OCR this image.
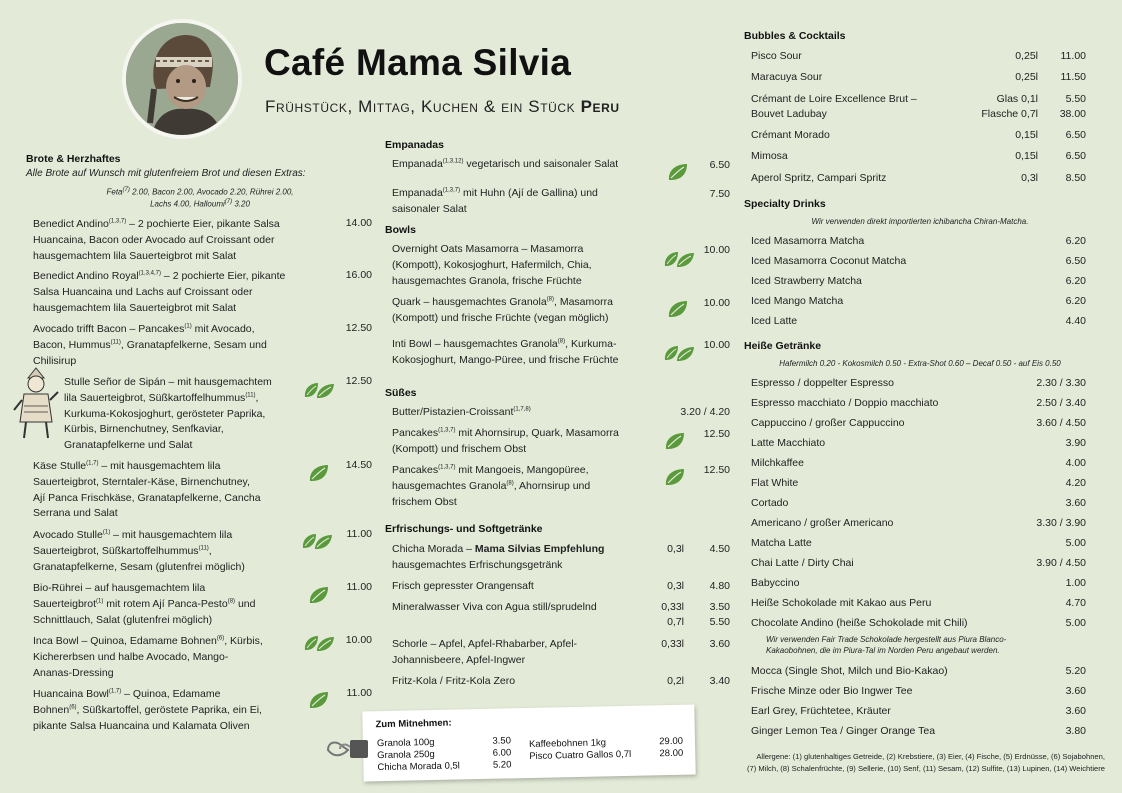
Café Mama Silvia
Frühstück, Mittag, Kuchen & ein Stück Peru
Brote & Herzhaftes
Alle Brote auf Wunsch mit glutenfreiem Brot und diesen Extras:
Feta$^{(7)}$ 2.00, Bacon 2.00, Avocado 2.20, Rührei 2.00,
Lachs 4.00, Halloumi$^{(7)}$ 3.20
Benedict Andino$^{(1,3,7)}$ – 2 pochierte Eier, pikante Salsa
Huancaina, Bacon oder Avocado auf Croissant oder
hausgemachtem lila Sauerteigbrot mit Salat
14.00
Benedict Andino Royal$^{(1,3,4,7)}$ – 2 pochierte Eier, pikante
Salsa Huancaina und Lachs auf Croissant oder
hausgemachtem lila Sauerteigbrot mit Salat
16.00
Avocado trifft Bacon – Pancakes$^{(1)}$ mit Avocado,
Bacon, Hummus$^{(11)}$, Granatapfelkerne, Sesam und
Chilisirup
12.50
Stulle Señor de Sipán – mit hausgemachtem
lila Sauerteigbrot, Süßkartoffelhummus$^{(11)}$,
Kurkuma-Kokosjoghurt, gerösteter Paprika,
Kürbis, Birnenchutney, Senfkaviar,
Granatapfelkerne und Salat
12.50
Käse Stulle$^{(1,7)}$ – mit hausgemachtem lila
Sauerteigbrot, Sterntaler-Käse, Birnenchutney,
Ají Panca Frischkäse, Granatapfelkerne, Cancha
Serrana und Salat
14.50
Avocado Stulle$^{(1)}$ – mit hausgemachtem lila
Sauerteigbrot, Süßkartoffelhummus$^{(11)}$,
Granatapfelkerne, Sesam (glutenfrei möglich)
11.00
Bio-Rührei – auf hausgemachtem lila
Sauerteigbrot$^{(1)}$ mit rotem Ají Panca-Pesto$^{(8)}$ und
Schnittlauch, Salat (glutenfrei möglich)
11.00
Inca Bowl – Quinoa, Edamame Bohnen$^{(6)}$, Kürbis,
Kichererbsen und halbe Avocado, Mango-
Ananas-Dressing
10.00
Huancaina Bowl$^{(1,7)}$ – Quinoa, Edamame
Bohnen$^{(6)}$, Süßkartoffel, geröstete Paprika, ein Ei,
pikante Salsa Huancaina und Kalamata Oliven
11.00
Empanadas
Empanada$^{(1,3,12)}$ vegetarisch und saisonaler Salat	6.50
Empanada$^{(1,3,7)}$ mit Huhn (Ají de Gallina) und
saisonaler Salat
7.50
Bowls
Overnight Oats Masamorra – Masamorra
(Kompott), Kokosjoghurt, Hafermilch, Chia,
hausgemachtes Granola, frische Früchte
10.00
Quark – hausgemachtes Granola$^{(8)}$, Masamorra
(Kompott) und frische Früchte (vegan möglich)
10.00
Inti Bowl – hausgemachtes Granola$^{(8)}$, Kurkuma-
Kokosjoghurt, Mango-Püree, und frische Früchte
10.00
Süßes
Butter/Pistazien-Croissant$^{(1,7,8)}$	3.20 / 4.20
Pancakes$^{(1,3,7)}$ mit Ahornsirup, Quark, Masamorra
(Kompott) und frischem Obst
12.50
Pancakes$^{(1,3,7)}$ mit Mangoeis, Mangopüree,
hausgemachtes Granola$^{(8)}$, Ahornsirup und
frischem Obst
12.50
Erfrischungs- und Softgetränke
Chicha Morada – Mama Silvias Empfehlung
hausgemachtes Erfrischungsgetränk
0,3l	4.50
Frisch gepresster Orangensaft	0,3l	4.80
Mineralwasser Viva con Agua still/sprudelnd	0,33l	3.50
0,7l	5.50
Schorle – Apfel, Apfel-Rhabarber, Apfel-
Johannisbeere, Apfel-Ingwer
0,33l	3.60
Fritz-Kola / Fritz-Kola Zero	0,2l	3.40
Zum Mitnehmen:
Granola 100g	3.50
Granola 250g	6.00
Chicha Morada 0,5l	5.20
Kaffeebohnen 1kg	29.00
Pisco Cuatro Gallos 0,7l	28.00
Bubbles & Cocktails
Pisco Sour	0,25l	11.00
Maracuya Sour	0,25l	11.50
Crémant de Loire Excellence Brut –
Bouvet Ladubay
Glas 0,1l	5.50
Flasche 0,7l	38.00
Crémant Morado	0,15l	6.50
Mimosa	0,15l	6.50
Aperol Spritz, Campari Spritz	0,3l	8.50
Specialty Drinks
Wir verwenden direkt importierten ichibancha Chiran-Matcha.
Iced Masamorra Matcha	6.20
Iced Masamorra Coconut Matcha	6.50
Iced Strawberry Matcha	6.20
Iced Mango Matcha	6.20
Iced Latte	4.40
Heiße Getränke
Hafermilch 0.20 - Kokosmilch 0.50 - Extra-Shot 0.60 – Decaf 0.50 - auf Eis 0.50
Espresso / doppelter Espresso	2.30 / 3.30
Espresso macchiato / Doppio macchiato	2.50 / 3.40
Cappuccino / großer Cappuccino	3.60 / 4.50
Latte Macchiato	3.90
Milchkaffee	4.00
Flat White	4.20
Cortado	3.60
Americano / großer Americano	3.30 / 3.90
Matcha Latte	5.00
Chai Latte / Dirty Chai	3.90 / 4.50
Babyccino	1.00
Heiße Schokolade mit Kakao aus Peru	4.70
Chocolate Andino (heiße Schokolade mit Chili)	5.00
Wir verwenden Fair Trade Schokolade hergestellt aus Piura Blanco-
Kakaobohnen, die im Piura-Tal im Norden Peru angebaut werden.
Mocca (Single Shot, Milch und Bio-Kakao)	5.20
Frische Minze oder Bio Ingwer Tee	3.60
Earl Grey, Früchtetee, Kräuter	3.60
Ginger Lemon Tea / Ginger Orange Tea	3.80
Allergene: (1) glutenhaltiges Getreide, (2) Krebstiere, (3) Eier, (4) Fische, (5) Erdnüsse, (6) Sojabohnen,
(7) Milch, (8) Schalenfrüchte, (9) Sellerie, (10) Senf, (11) Sesam, (12) Sulfite, (13) Lupinen, (14) Weichtiere
